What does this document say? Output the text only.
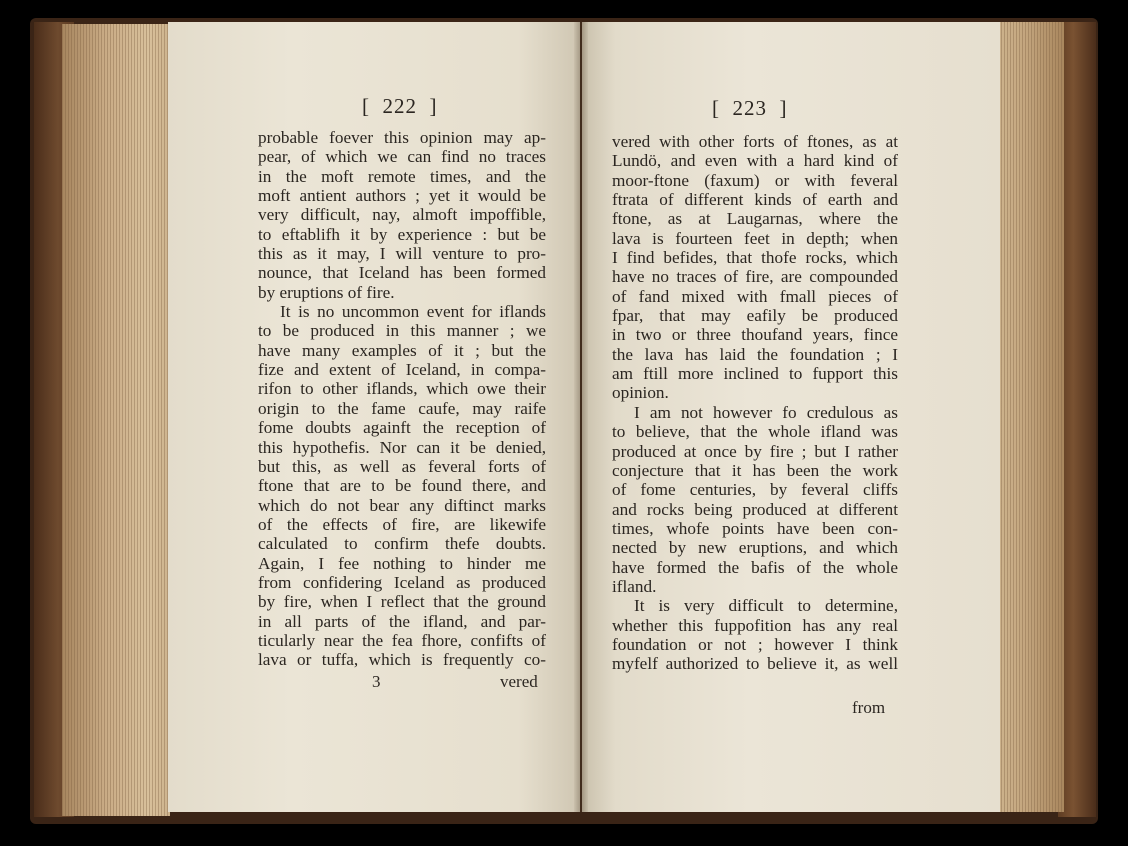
[  222  ]
probable foever this opinion may ap-
pear, of which we can find no traces
in the moft remote times, and the
moft antient authors ; yet it would be
very difficult, nay, almoft impoffible,
to eftablifh it by experience : but be
this as it may, I will venture to pro-
nounce, that Iceland has been formed
by eruptions of fire.
It is no uncommon event for iflands
to be produced in this manner ; we
have many examples of it ; but the
fize and extent of Iceland, in compa-
rifon to other iflands, which owe their
origin to the fame caufe, may raife
fome doubts againft the reception of
this hypothefis. Nor can it be denied,
but this, as well as feveral forts of
ftone that are to be found there, and
which do not bear any diftinct marks
of the effects of fire, are likewife
calculated to confirm thefe doubts.
Again, I fee nothing to hinder me
from confidering Iceland as produced
by fire, when I reflect that the ground
in all parts of the ifland, and par-
ticularly near the fea fhore, confifts of
lava or tuffa, which is frequently co-
3	vered
[  223  ]
vered with other forts of ftones, as at
Lundö, and even with a hard kind of
moor-ftone (faxum) or with feveral
ftrata of different kinds of earth and
ftone, as at Laugarnas, where the
lava is fourteen feet in depth; when
I find befides, that thofe rocks, which
have no traces of fire, are compounded
of fand mixed with fmall pieces of
fpar, that may eafily be produced
in two or three thoufand years, fince
the lava has laid the foundation ; I
am ftill more inclined to fupport this
opinion.
I am not however fo credulous as
to believe, that the whole ifland was
produced at once by fire ; but I rather
conjecture that it has been the work
of fome centuries, by feveral cliffs
and rocks being produced at different
times, whofe points have been con-
nected by new eruptions, and which
have formed the bafis of the whole
ifland.
It is very difficult to determine,
whether this fuppofition has any real
foundation or not ; however I think
myfelf authorized to believe it, as well
from
